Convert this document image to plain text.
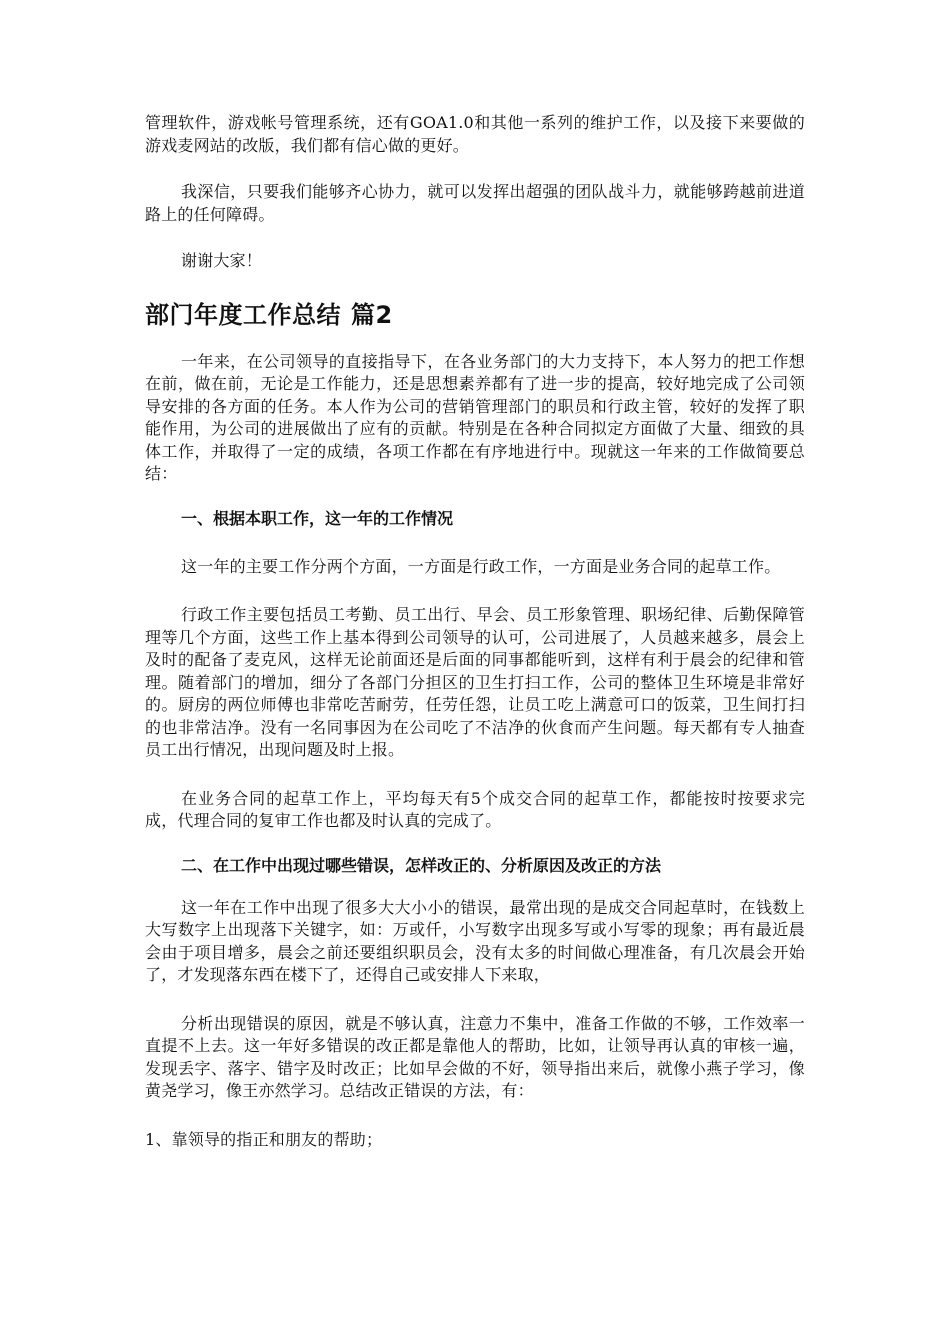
管理软件，游戏帐号管理系统，还有GOA1.0和其他一系列的维护工作，以及接下来要做的游戏麦网站的改版，我们都有信心做的更好。

我深信，只要我们能够齐心协力，就可以发挥出超强的团队战斗力，就能够跨越前进道路上的任何障碍。

谢谢大家！

部门年度工作总结 篇2

一年来，在公司领导的直接指导下，在各业务部门的大力支持下，本人努力的把工作想在前，做在前，无论是工作能力，还是思想素养都有了进一步的提高，较好地完成了公司领导安排的各方面的任务。本人作为公司的营销管理部门的职员和行政主管，较好的发挥了职能作用，为公司的进展做出了应有的贡献。特别是在各种合同拟定方面做了大量、细致的具体工作，并取得了一定的成绩，各项工作都在有序地进行中。现就这一年来的工作做简要总结：

一、根据本职工作，这一年的工作情况

这一年的主要工作分两个方面，一方面是行政工作，一方面是业务合同的起草工作。

行政工作主要包括员工考勤、员工出行、早会、员工形象管理、职场纪律、后勤保障管理等几个方面，这些工作上基本得到公司领导的认可，公司进展了，人员越来越多，晨会上及时的配备了麦克风，这样无论前面还是后面的同事都能听到，这样有利于晨会的纪律和管理。随着部门的增加，细分了各部门分担区的卫生打扫工作，公司的整体卫生环境是非常好的。厨房的两位师傅也非常吃苦耐劳，任劳任怨，让员工吃上满意可口的饭菜，卫生间打扫的也非常洁净。没有一名同事因为在公司吃了不洁净的伙食而产生问题。每天都有专人抽查员工出行情况，出现问题及时上报。

在业务合同的起草工作上，平均每天有5个成交合同的起草工作，都能按时按要求完成，代理合同的复审工作也都及时认真的完成了。

二、在工作中出现过哪些错误，怎样改正的、分析原因及改正的方法

这一年在工作中出现了很多大大小小的错误，最常出现的是成交合同起草时，在钱数上大写数字上出现落下关键字，如：万或仟，小写数字出现多写或小写零的现象；再有最近晨会由于项目增多，晨会之前还要组织职员会，没有太多的时间做心理准备，有几次晨会开始了，才发现落东西在楼下了，还得自己或安排人下来取，

分析出现错误的原因，就是不够认真，注意力不集中，准备工作做的不够，工作效率一直提不上去。这一年好多错误的改正都是靠他人的帮助，比如，让领导再认真的审核一遍，发现丢字、落字、错字及时改正；比如早会做的不好，领导指出来后，就像小燕子学习，像黄尧学习，像王亦然学习。总结改正错误的方法，有：

1、靠领导的指正和朋友的帮助；
